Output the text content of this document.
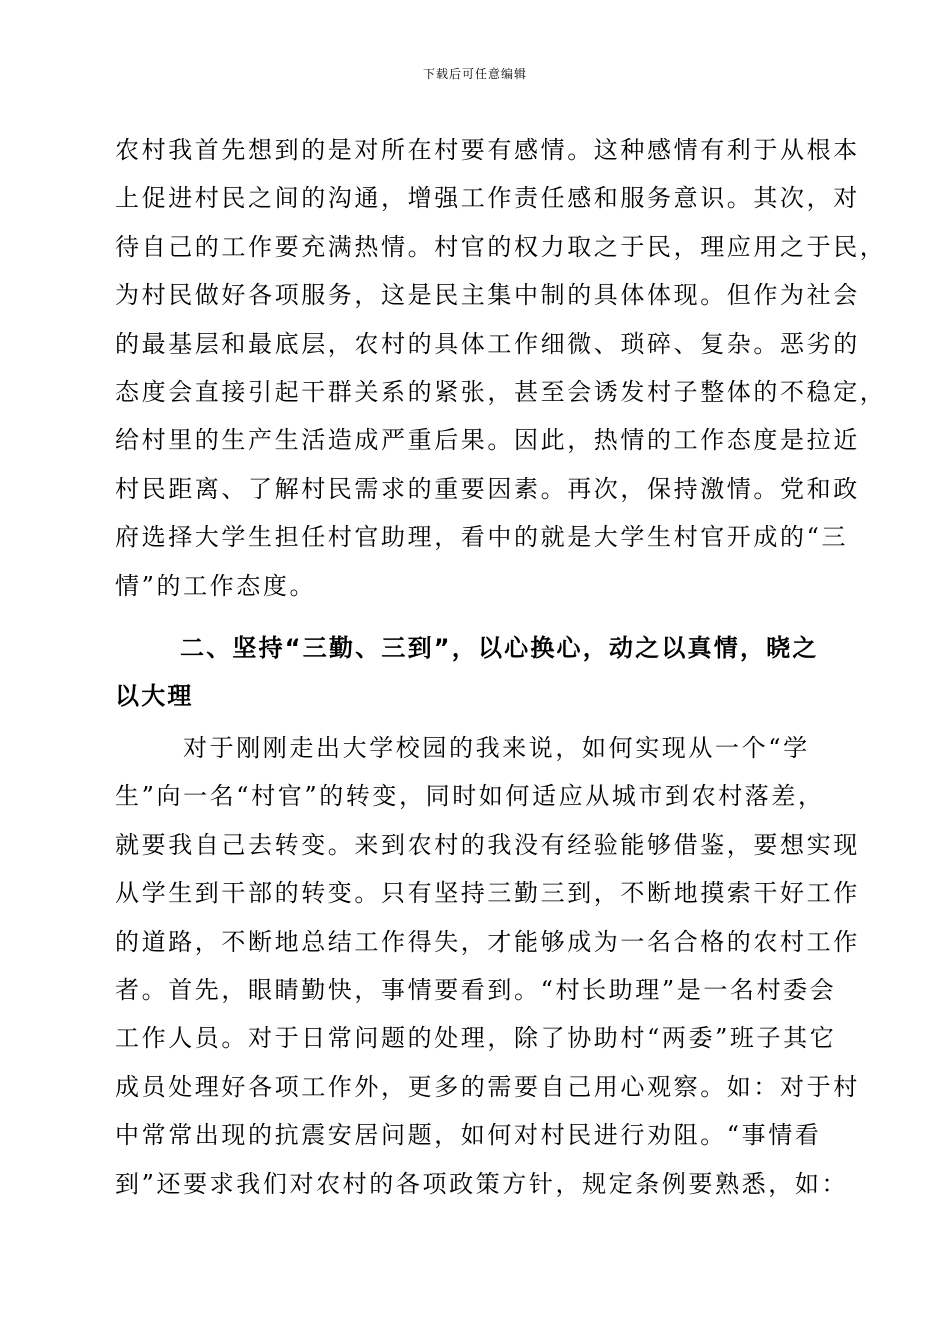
下载后可任意编辑
农村我首先想到的是对所在村要有感情。这种感情有利于从根本
上促进村民之间的沟通，增强工作责任感和服务意识。其次，对
待自己的工作要充满热情。村官的权力取之于民，理应用之于民，
为村民做好各项服务，这是民主集中制的具体体现。但作为社会
的最基层和最底层，农村的具体工作细微、琐碎、复杂。恶劣的
态度会直接引起干群关系的紧张，甚至会诱发村子整体的不稳定，
给村里的生产生活造成严重后果。因此，热情的工作态度是拉近
村民距离、了解村民需求的重要因素。再次，保持激情。党和政
府选择大学生担任村官助理，看中的就是大学生村官开成的“三
情”的工作态度。
二、坚持“三勤、三到”，以心换心，动之以真情，晓之
以大理
对于刚刚走出大学校园的我来说，如何实现从一个“学
生”向一名“村官”的转变，同时如何适应从城市到农村落差，
就要我自己去转变。来到农村的我没有经验能够借鉴，要想实现
从学生到干部的转变。只有坚持三勤三到，不断地摸索干好工作
的道路，不断地总结工作得失，才能够成为一名合格的农村工作
者。首先，眼睛勤快，事情要看到。“村长助理”是一名村委会
工作人员。对于日常问题的处理，除了协助村“两委”班子其它
成员处理好各项工作外，更多的需要自己用心观察。如：对于村
中常常出现的抗震安居问题，如何对村民进行劝阻。“事情看
到”还要求我们对农村的各项政策方针，规定条例要熟悉，如：
